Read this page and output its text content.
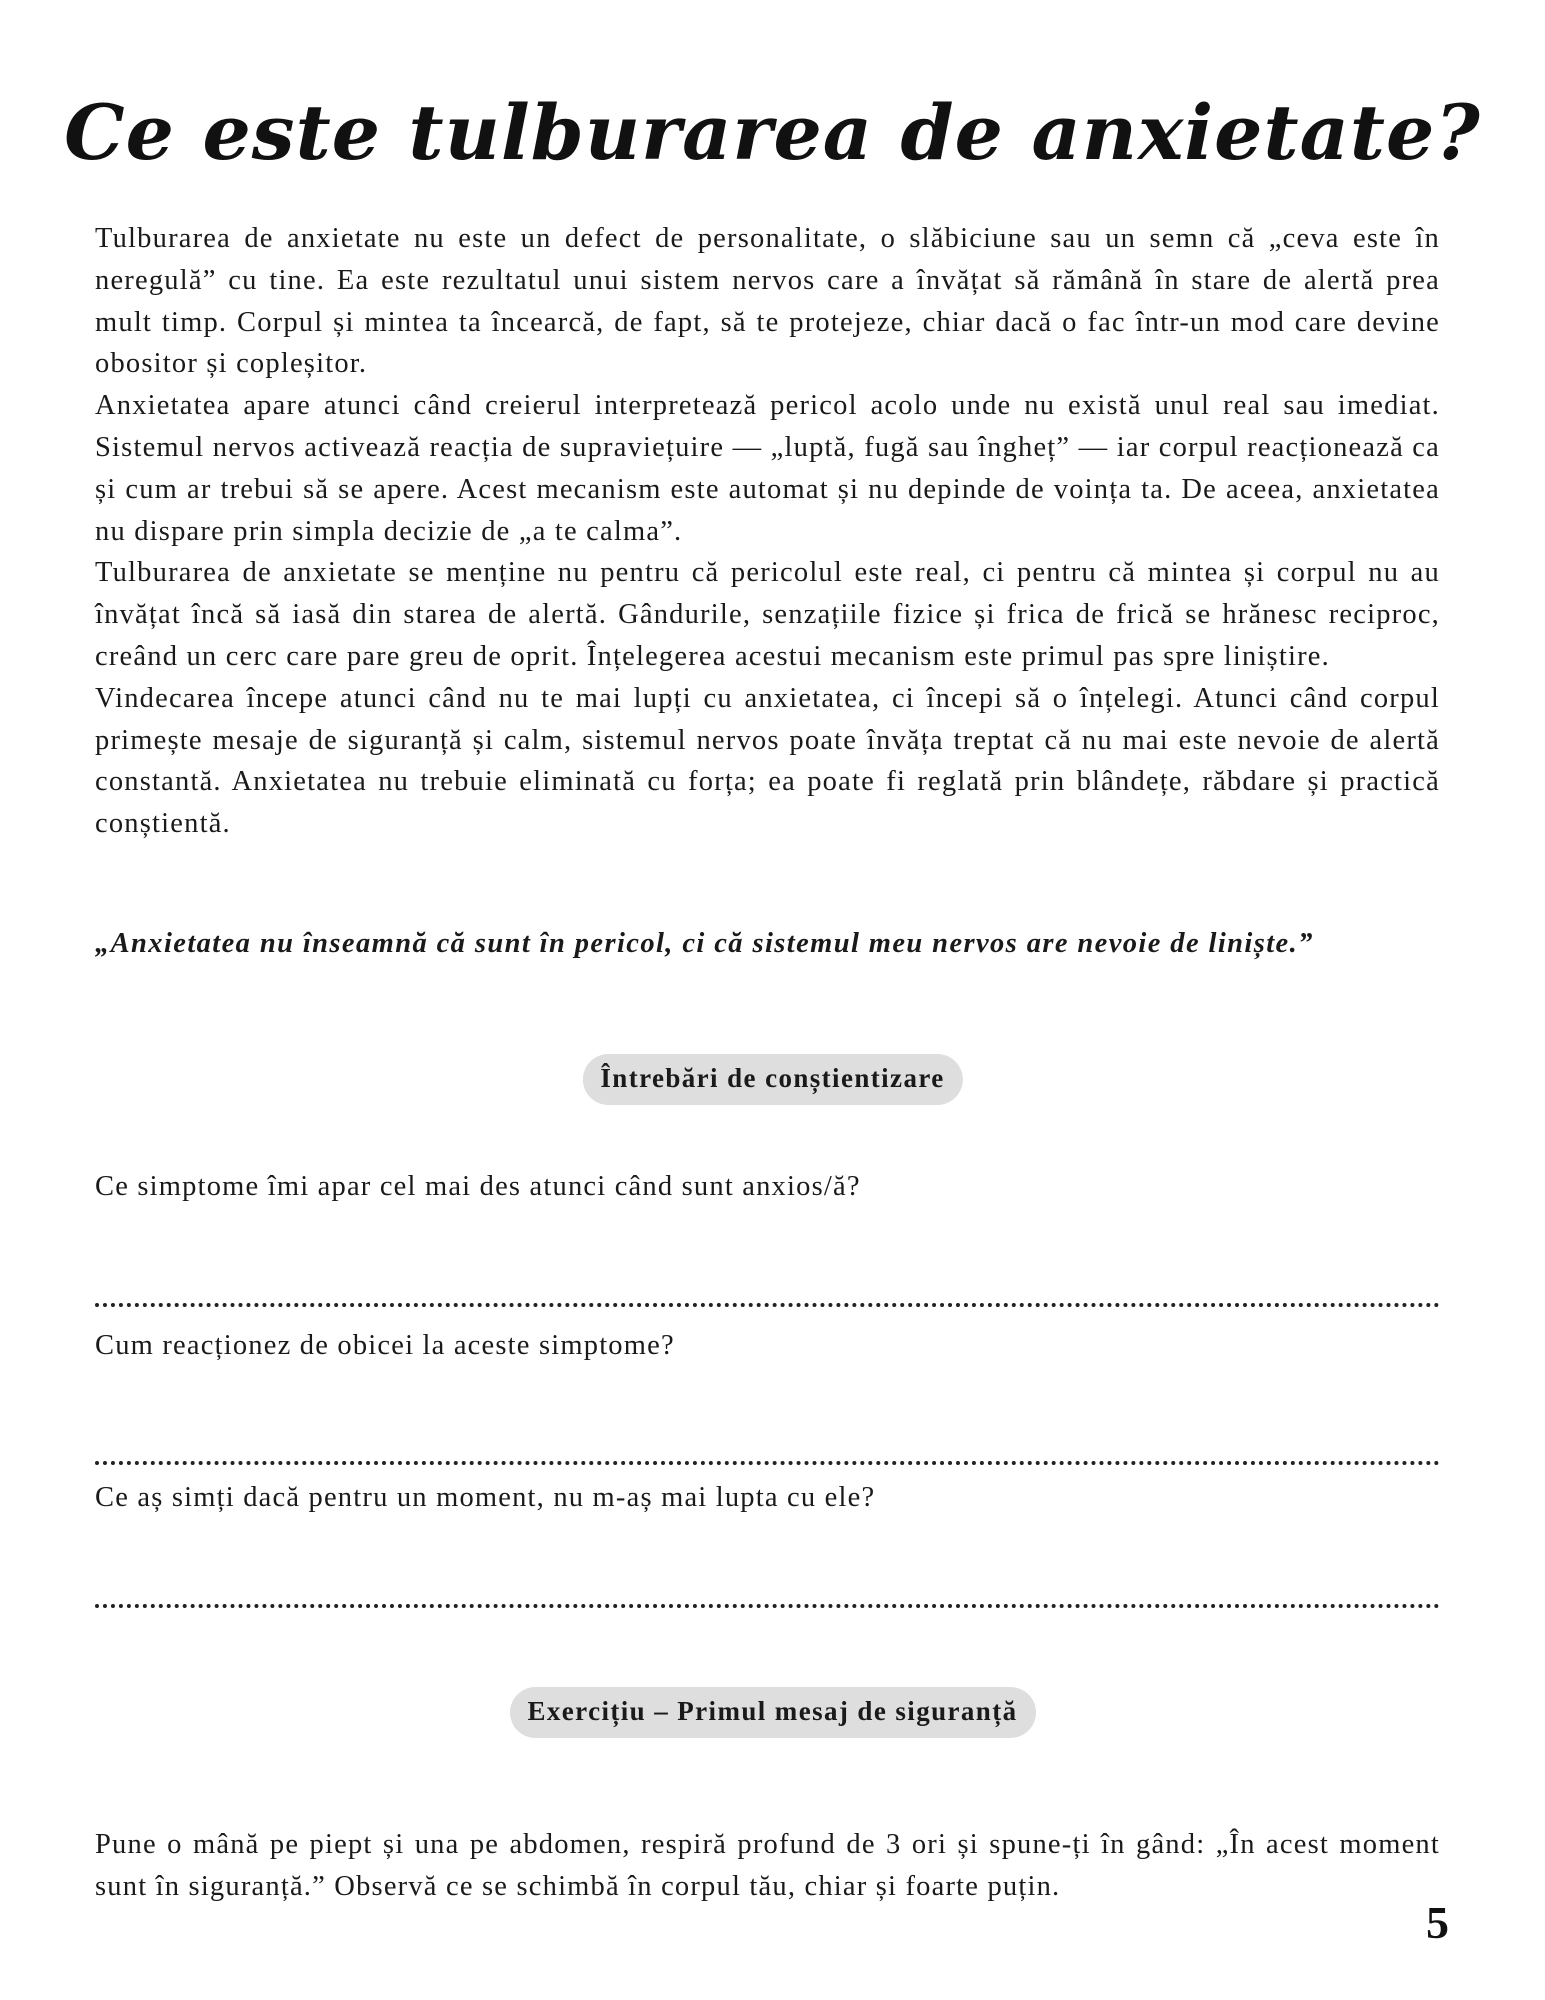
Ce este tulburarea de anxietate?

Tulburarea de anxietate nu este un defect de personalitate, o slăbiciune sau un semn că „ceva este în neregulă” cu tine. Ea este rezultatul unui sistem nervos care a învățat să rămână în stare de alertă prea mult timp. Corpul și mintea ta încearcă, de fapt, să te protejeze, chiar dacă o fac într-un mod care devine obositor și copleșitor.

Anxietatea apare atunci când creierul interpretează pericol acolo unde nu există unul real sau imediat. Sistemul nervos activează reacția de supraviețuire — „luptă, fugă sau îngheț” — iar corpul reacționează ca și cum ar trebui să se apere. Acest mecanism este automat și nu depinde de voința ta. De aceea, anxietatea nu dispare prin simpla decizie de „a te calma”.

Tulburarea de anxietate se menține nu pentru că pericolul este real, ci pentru că mintea și corpul nu au învățat încă să iasă din starea de alertă. Gândurile, senzațiile fizice și frica de frică se hrănesc reciproc, creând un cerc care pare greu de oprit. Înțelegerea acestui mecanism este primul pas spre liniștire.

Vindecarea începe atunci când nu te mai lupți cu anxietatea, ci începi să o înțelegi. Atunci când corpul primește mesaje de siguranță și calm, sistemul nervos poate învăța treptat că nu mai este nevoie de alertă constantă. Anxietatea nu trebuie eliminată cu forța; ea poate fi reglată prin blândețe, răbdare și practică conștientă.

„Anxietatea nu înseamnă că sunt în pericol, ci că sistemul meu nervos are nevoie de liniște.”

Întrebări de conștientizare

Ce simptome îmi apar cel mai des atunci când sunt anxios/ă?

Cum reacționez de obicei la aceste simptome?

Ce aș simți dacă pentru un moment, nu m-aș mai lupta cu ele?

Exercițiu – Primul mesaj de siguranță

Pune o mână pe piept și una pe abdomen, respiră profund de 3 ori și spune-ți în gând: „În acest moment sunt în siguranță.” Observă ce se schimbă în corpul tău, chiar și foarte puțin.

5
